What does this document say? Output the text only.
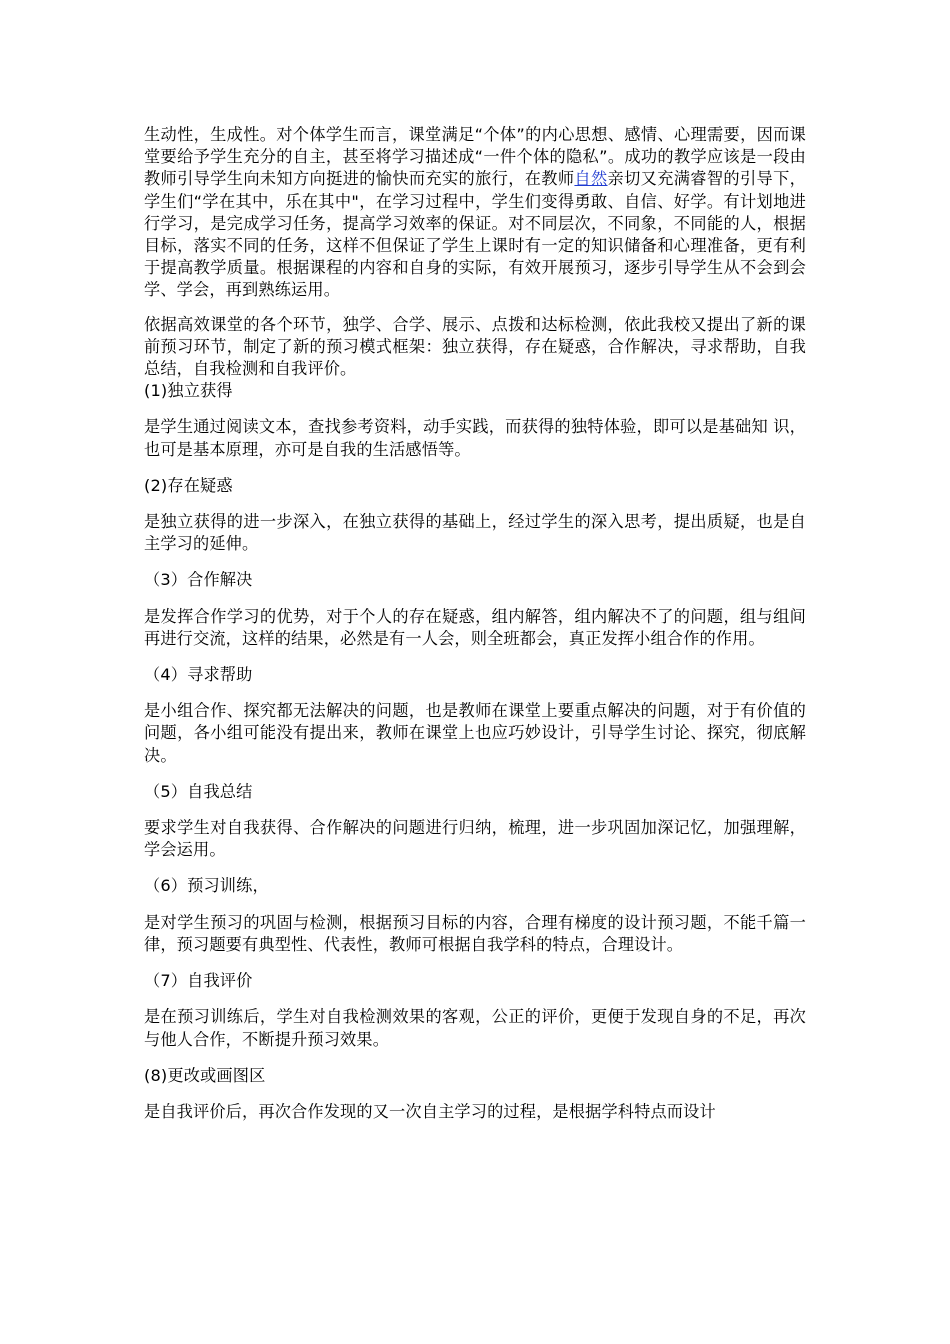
生动性，生成性。对个体学生而言，课堂满足“个体”的内心思想、感情、心理需要，因而课堂要给予学生充分的自主，甚至将学习描述成“一件个体的隐私”。成功的教学应该是一段由教师引导学生向未知方向挺进的愉快而充实的旅行，在教师自然亲切又充满睿智的引导下，学生们“学在其中，乐在其中"，在学习过程中，学生们变得勇敢、自信、好学。有计划地进行学习，是完成学习任务，提高学习效率的保证。对不同层次，不同象，不同能的人，根据目标，落实不同的任务，这样不但保证了学生上课时有一定的知识储备和心理准备，更有利于提高教学质量。根据课程的内容和自身的实际，有效开展预习，逐步引导学生从不会到会学、学会，再到熟练运用。

依据高效课堂的各个环节，独学、合学、展示、点拨和达标检测，依此我校又提出了新的课前预习环节，制定了新的预习模式框架：独立获得，存在疑惑，合作解决，寻求帮助，自我总结，自我检测和自我评价。

(1)独立获得

是学生通过阅读文本，查找参考资料，动手实践，而获得的独特体验，即可以是基础知 识，也可是基本原理，亦可是自我的生活感悟等。

(2)存在疑惑

是独立获得的进一步深入，在独立获得的基础上，经过学生的深入思考，提出质疑，也是自主学习的延伸。

（3）合作解决

是发挥合作学习的优势，对于个人的存在疑惑，组内解答，组内解决不了的问题，组与组间再进行交流，这样的结果，必然是有一人会，则全班都会，真正发挥小组合作的作用。

（4）寻求帮助

是小组合作、探究都无法解决的问题，也是教师在课堂上要重点解决的问题，对于有价值的问题，各小组可能没有提出来，教师在课堂上也应巧妙设计，引导学生讨论、探究，彻底解决。

（5）自我总结

要求学生对自我获得、合作解决的问题进行归纳，梳理，进一步巩固加深记忆，加强理解，学会运用。

（6）预习训练，

是对学生预习的巩固与检测，根据预习目标的内容，合理有梯度的设计预习题，不能千篇一律，预习题要有典型性、代表性，教师可根据自我学科的特点，合理设计。

（7）自我评价

是在预习训练后，学生对自我检测效果的客观，公正的评价，更便于发现自身的不足，再次与他人合作，不断提升预习效果。

(8)更改或画图区

是自我评价后，再次合作发现的又一次自主学习的过程，是根据学科特点而设计
